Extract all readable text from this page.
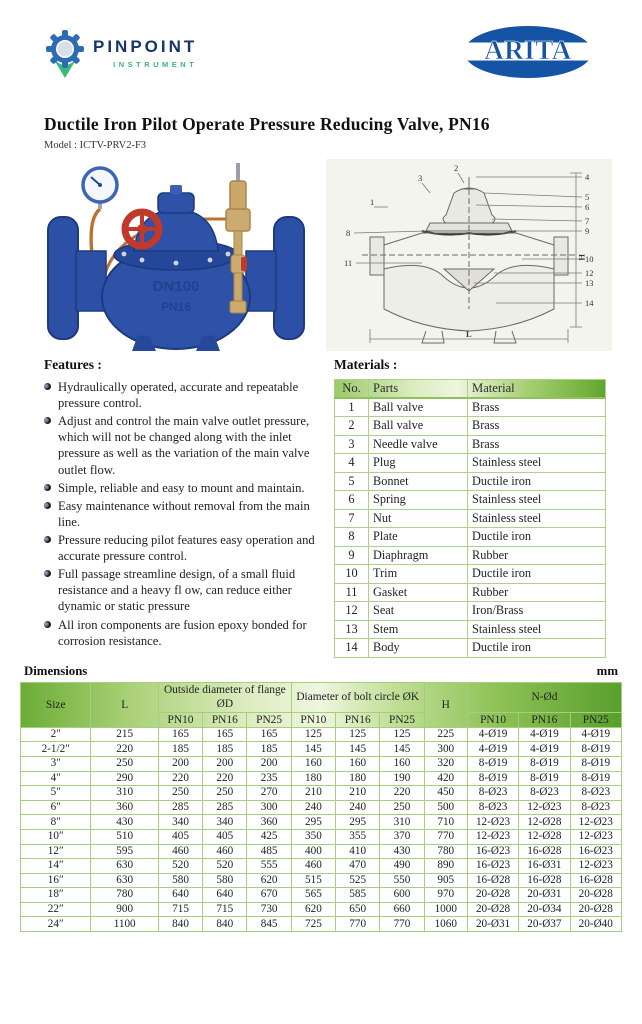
PINPOINT
INSTRUMENT	ARITA
Ductile Iron Pilot Operate Pressure Reducing Valve, PN16
Model : ICTV-PRV2-F3
DN100
PN16
1
2
3	4
5
6
7
8	9
10
11
12
13
14
L
H
Features :
Hydraulically operated, accurate and repeatable pressure control.
Adjust and control the main valve outlet pressure, which will not be changed along with the inlet pressure as well as the variation of the main valve outlet flow.
Simple, reliable and easy to mount and maintain.
Easy maintenance without removal from the main line.
Pressure reducing pilot features easy operation and accurate pressure control.
Full passage streamline design, of a small fluid resistance and a heavy fl ow, can reduce either dynamic or static pressure
All iron components are fusion epoxy bonded for corrosion resistance.
Materials :
No.	Parts	Material
1	Ball valve	Brass
2	Ball valve	Brass
3	Needle valve	Brass
4	Plug	Stainless steel
5	Bonnet	Ductile iron
6	Spring	Stainless steel
7	Nut	Stainless steel
8	Plate	Ductile iron
9	Diaphragm	Rubber
10	Trim	Ductile iron
11	Gasket	Rubber
12	Seat	Iron/Brass
13	Stem	Stainless steel
14	Body	Ductile iron
Dimensions	mm
Size	L	Outside diameter of flange ØD			Diameter of bolt circle ØK			H	N-Ød		
		PN10	PN16	PN25	PN10	PN16	PN25		PN10	PN16	PN25
2″	215	165	165	165	125	125	125	225	4-Ø19	4-Ø19	4-Ø19
2-1/2″	220	185	185	185	145	145	145	300	4-Ø19	4-Ø19	8-Ø19
3″	250	200	200	200	160	160	160	320	8-Ø19	8-Ø19	8-Ø19
4″	290	220	220	235	180	180	190	420	8-Ø19	8-Ø19	8-Ø19
5″	310	250	250	270	210	210	220	450	8-Ø23	8-Ø23	8-Ø23
6″	360	285	285	300	240	240	250	500	8-Ø23	12-Ø23	8-Ø23
8″	430	340	340	360	295	295	310	710	12-Ø23	12-Ø28	12-Ø23
10″	510	405	405	425	350	355	370	770	12-Ø23	12-Ø28	12-Ø23
12″	595	460	460	485	400	410	430	780	16-Ø23	16-Ø28	16-Ø23
14″	630	520	520	555	460	470	490	890	16-Ø23	16-Ø31	12-Ø23
16″	630	580	580	620	515	525	550	905	16-Ø28	16-Ø28	16-Ø28
18″	780	640	640	670	565	585	600	970	20-Ø28	20-Ø31	20-Ø28
22″	900	715	715	730	620	650	660	1000	20-Ø28	20-Ø34	20-Ø28
24″	1100	840	840	845	725	770	770	1060	20-Ø31	20-Ø37	20-Ø40
